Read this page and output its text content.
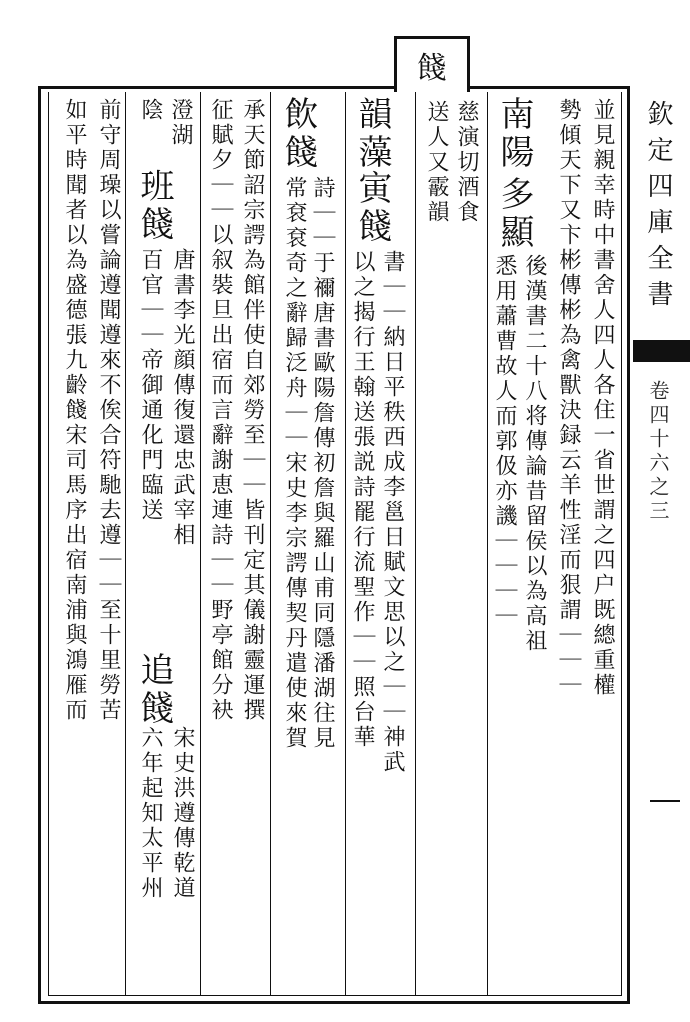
餞
並見親幸時中書舍人四人各住一省世謂之四户既總重權
勢傾天下又卞彬傳彬為禽獸決録云羊性淫而狠謂｜｜｜
南陽
多
顯
後漢書二十八将傳論昔留侯以為高祖
悉用蕭曹故人而郭伋亦譏｜｜｜｜
慈演切酒食
送人又霰韻
韻藻
寅餞
書｜｜納日平秩西成李邕日賦文思以之｜｜神武
以之揭行王翰送張説詩罷行流聖作｜｜照台華
飲餞
詩｜｜于禰唐書歐陽詹傳初詹與羅山甫同隱潘湖往見
常袞袞奇之辭歸泛舟｜｜宋史李宗諤傳契丹遣使來賀
承天節詔宗諤為館伴使自郊勞至｜｜皆刊定其儀謝靈運撰
征賦夕｜｜以叙裝旦出宿而言辭謝恵連詩｜｜野亭館分袂
澄湖
班餞
唐書李光顔傳復還忠武宰相
追餞
宋史洪遵傳乾道
陰
百官｜｜帝御通化門臨送
六年起知太平州
前守周璪以嘗論遵聞遵來不俟合符馳去遵｜｜至十里勞苦
如平時聞者以為盛德張九齡餞宋司馬序出宿南浦與鴻雁而	欽定四庫全書
卷四十六之三
